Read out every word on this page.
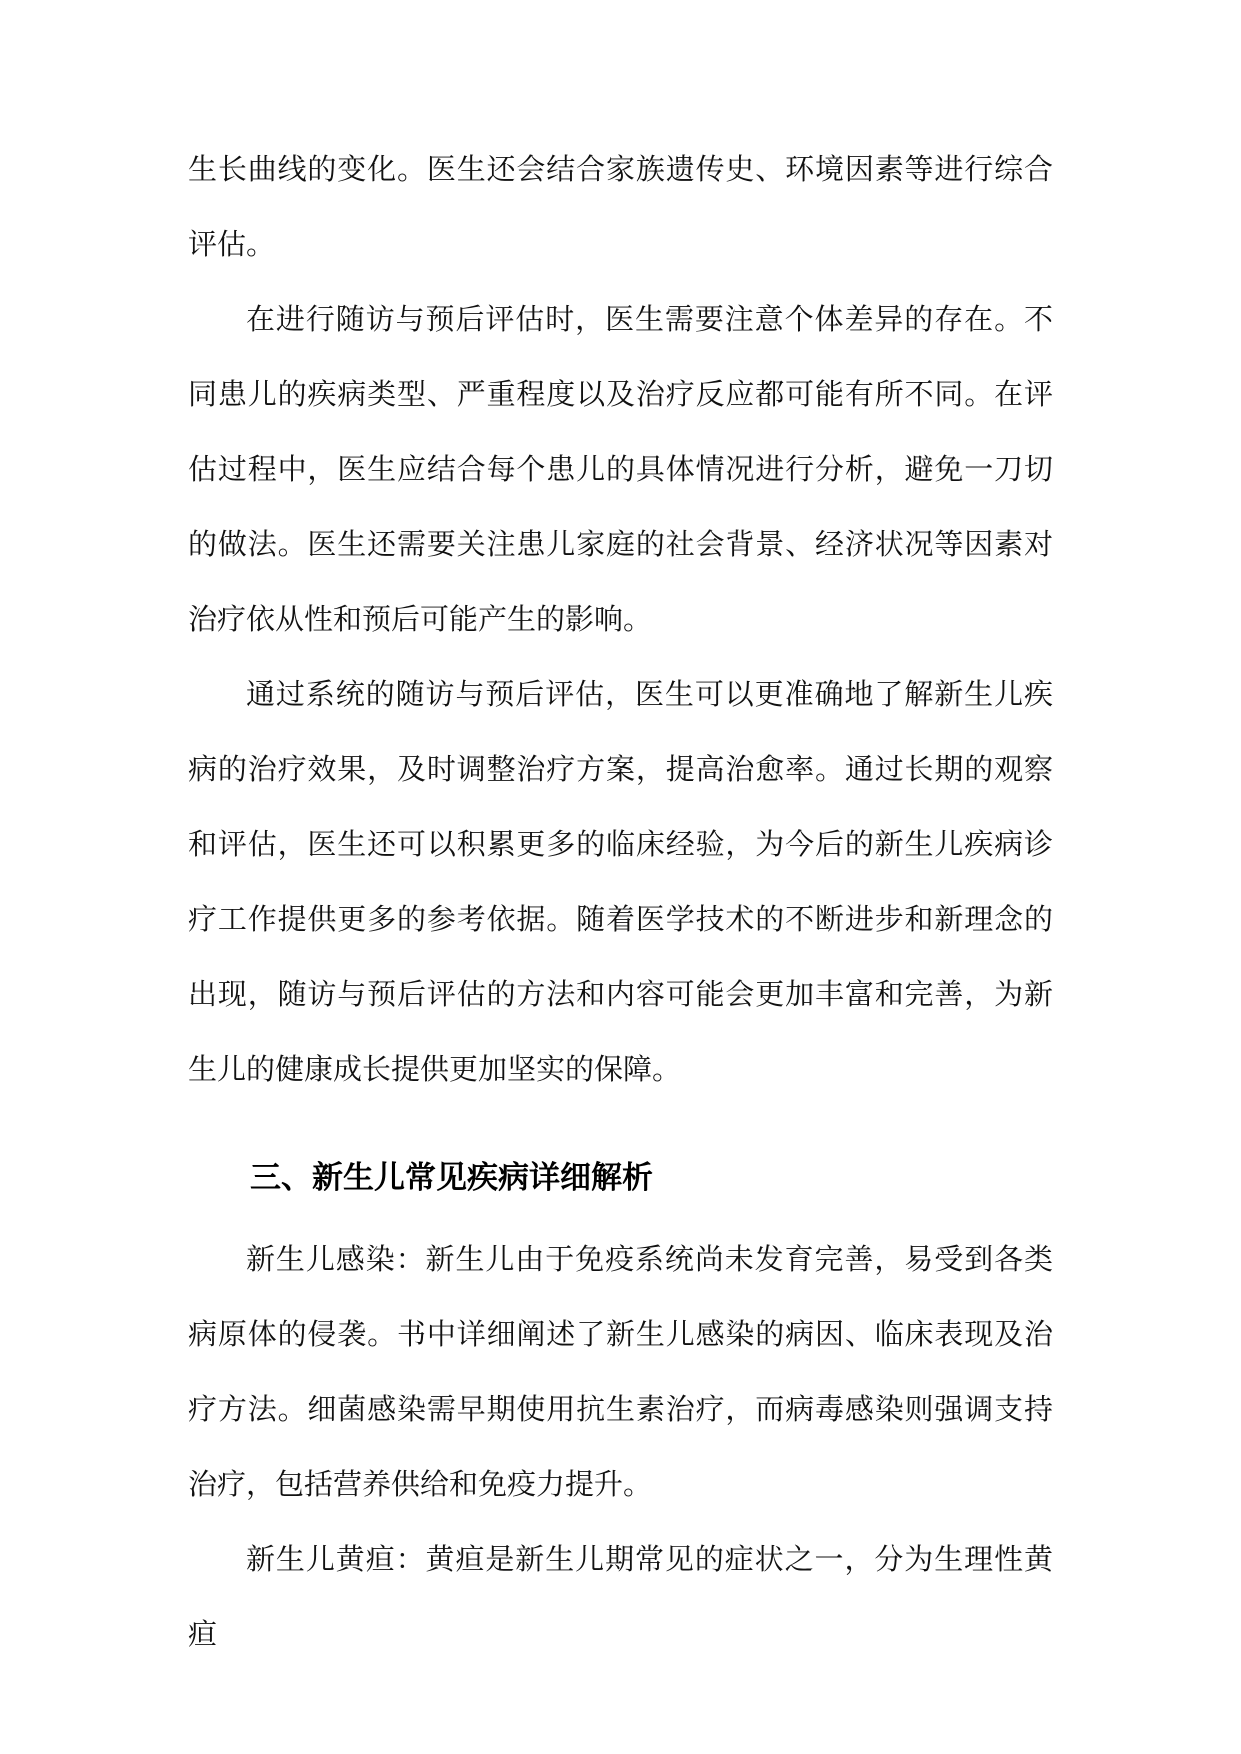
生长曲线的变化。医生还会结合家族遗传史、环境因素等进行综合评估。

在进行随访与预后评估时，医生需要注意个体差异的存在。不同患儿的疾病类型、严重程度以及治疗反应都可能有所不同。在评估过程中，医生应结合每个患儿的具体情况进行分析，避免一刀切的做法。医生还需要关注患儿家庭的社会背景、经济状况等因素对治疗依从性和预后可能产生的影响。

通过系统的随访与预后评估，医生可以更准确地了解新生儿疾病的治疗效果，及时调整治疗方案，提高治愈率。通过长期的观察和评估，医生还可以积累更多的临床经验，为今后的新生儿疾病诊疗工作提供更多的参考依据。随着医学技术的不断进步和新理念的出现，随访与预后评估的方法和内容可能会更加丰富和完善，为新生儿的健康成长提供更加坚实的保障。

三、新生儿常见疾病详细解析

新生儿感染：新生儿由于免疫系统尚未发育完善，易受到各类病原体的侵袭。书中详细阐述了新生儿感染的病因、临床表现及治疗方法。细菌感染需早期使用抗生素治疗，而病毒感染则强调支持治疗，包括营养供给和免疫力提升。

新生儿黄疸：黄疸是新生儿期常见的症状之一，分为生理性黄疸
